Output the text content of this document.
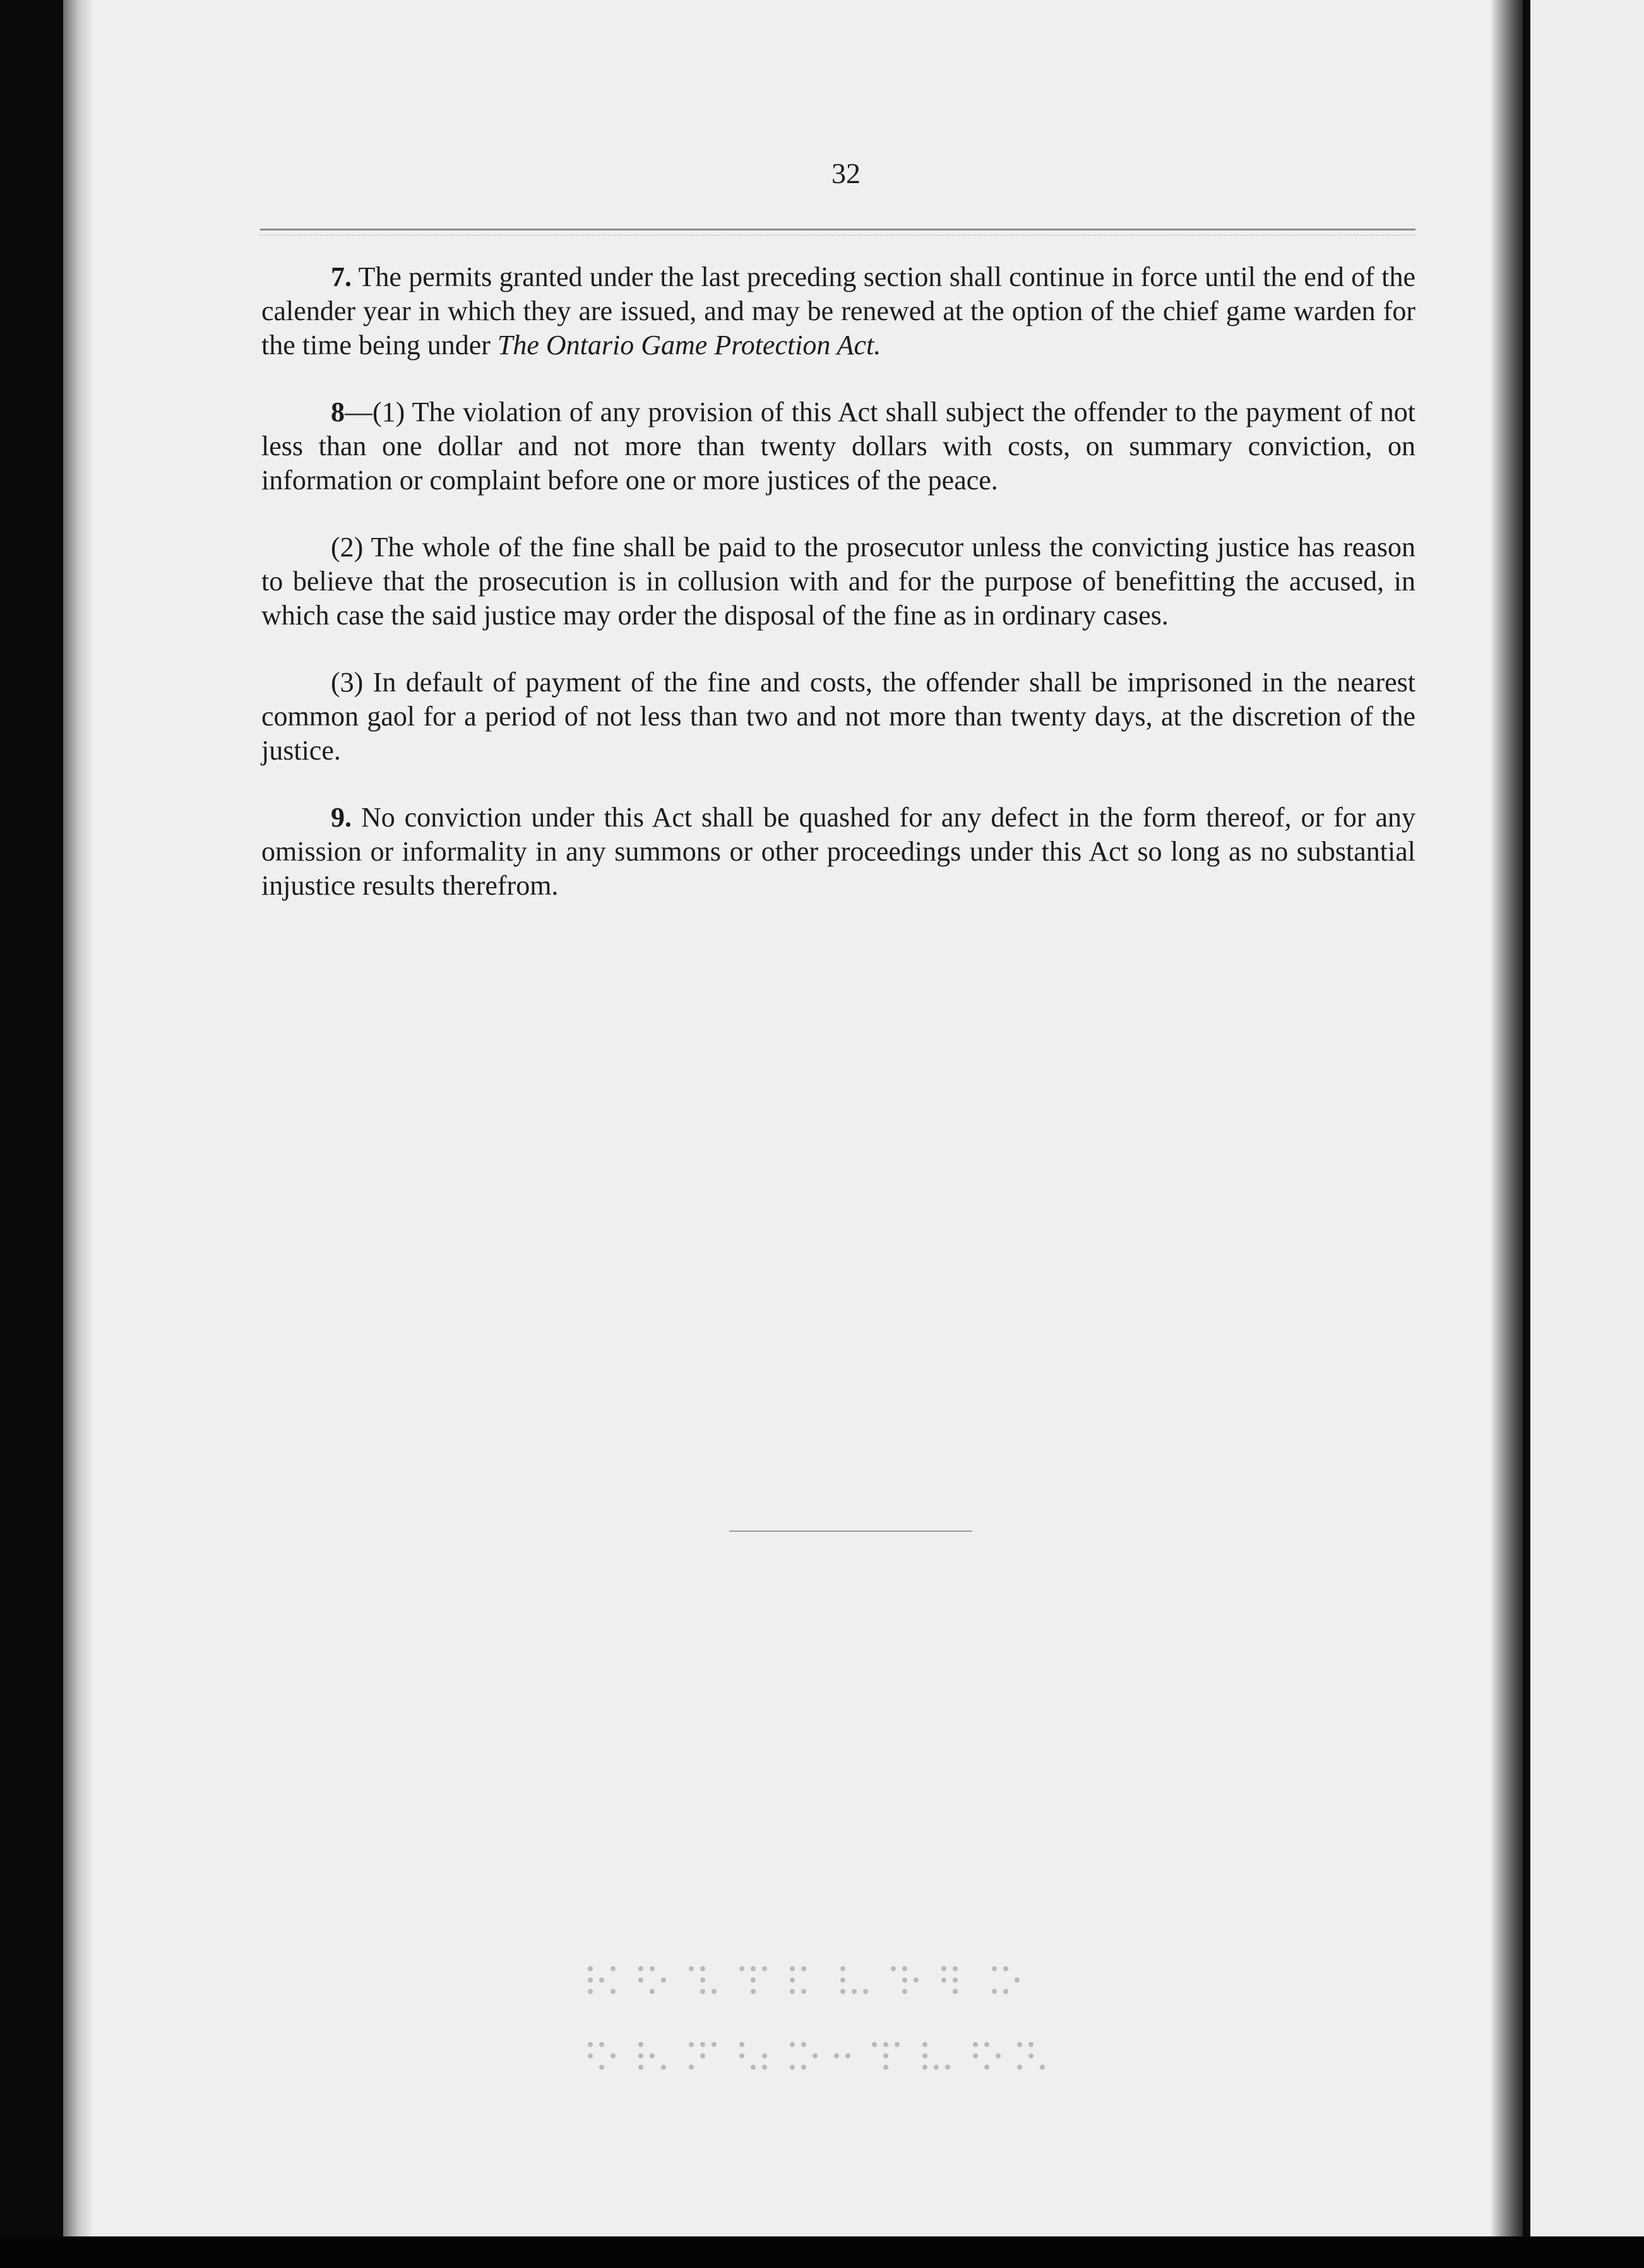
32

7. The permits granted under the last preceding section shall continue in force until the end of the calender year in which they are issued, and may be renewed at the option of the chief game warden for the time being under The Ontario Game Protection Act.

8—(1) The violation of any provision of this Act shall subject the offender to the payment of not less than one dollar and not more than twenty dollars with costs, on summary conviction, on information or complaint before one or more justices of the peace.

(2) The whole of the fine shall be paid to the prosecutor unless the convicting justice has reason to believe that the prosecution is in collusion with and for the purpose of benefitting the accused, in which case the said justice may order the disposal of the fine as in ordinary cases.

(3) In default of payment of the fine and costs, the offender shall be imprisoned in the nearest common gaol for a period of not less than two and not more than twenty days, at the discretion of the justice.

9. No conviction under this Act shall be quashed for any defect in the form thereof, or for any omission or informality in any summons or other proceedings under this Act so long as no substantial injustice results therefrom.
